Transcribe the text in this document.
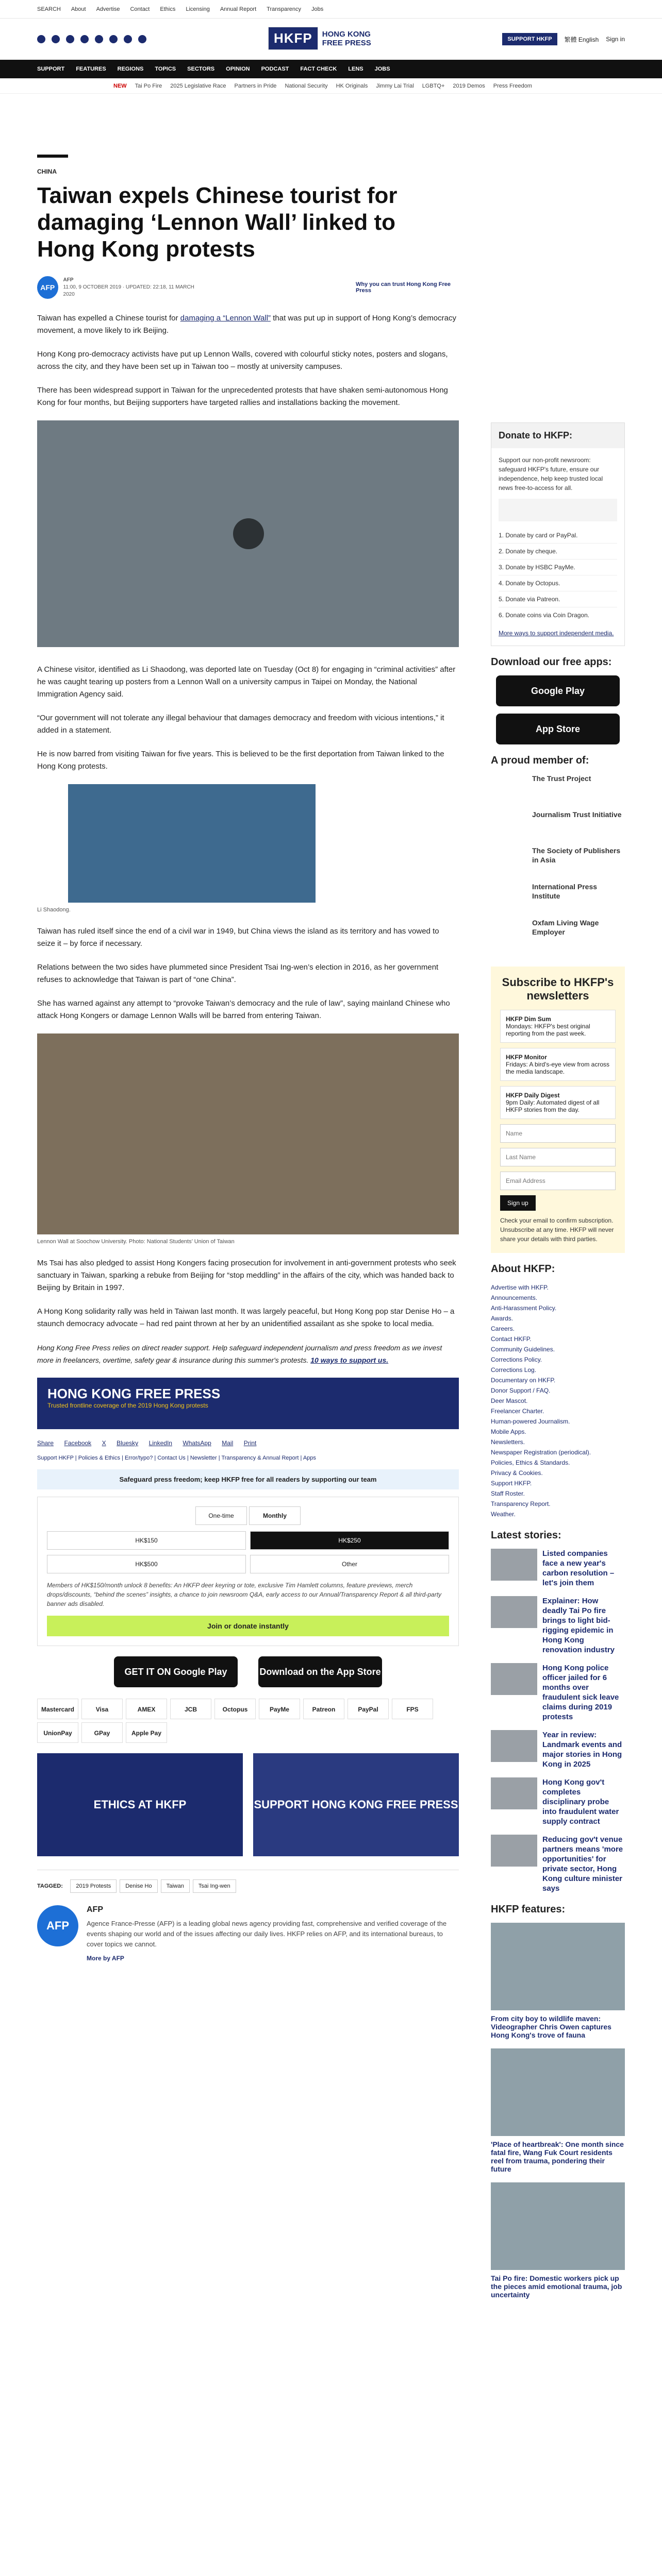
SEARCH About Advertise Contact Ethics Licensing Annual Report Transparency Jobs
HKFP	HONG KONG
FREE PRESS	SUPPORT HKFP	繁體 English Sign in
SUPPORT FEATURES REGIONS TOPICS SECTORS OPINION PODCAST FACT CHECK LENS JOBS
NEW Tai Po Fire 2025 Legislative Race Partners in Pride National Security HK Originals Jimmy Lai Trial LGBTQ+ 2019 Demos Press Freedom
CHINA
Taiwan expels Chinese tourist for damaging ‘Lennon Wall’ linked to Hong Kong protests
AFP
AFP
11:00, 9 OCTOBER 2019 · UPDATED: 22:18, 11 MARCH 2020
Why you can trust Hong Kong Free Press

Taiwan has expelled a Chinese tourist for damaging a “Lennon Wall” that was put up in support of Hong Kong’s democracy movement, a move likely to irk Beijing.

Hong Kong pro-democracy activists have put up Lennon Walls, covered with colourful sticky notes, posters and slogans, across the city, and they have been set up in Taiwan too – mostly at university campuses.

There has been widespread support in Taiwan for the unprecedented protests that have shaken semi-autonomous Hong Kong for four months, but Beijing supporters have targeted rallies and installations backing the movement.

A Chinese visitor, identified as Li Shaodong, was deported late on Tuesday (Oct 8) for engaging in “criminal activities” after he was caught tearing up posters from a Lennon Wall on a university campus in Taipei on Monday, the National Immigration Agency said.

“Our government will not tolerate any illegal behaviour that damages democracy and freedom with vicious intentions,” it added in a statement.

He is now barred from visiting Taiwan for five years. This is believed to be the first deportation from Taiwan linked to the Hong Kong protests.

Li Shaodong.

Taiwan has ruled itself since the end of a civil war in 1949, but China views the island as its territory and has vowed to seize it – by force if necessary.

Relations between the two sides have plummeted since President Tsai Ing-wen’s election in 2016, as her government refuses to acknowledge that Taiwan is part of “one China”.

She has warned against any attempt to “provoke Taiwan’s democracy and the rule of law”, saying mainland Chinese who attack Hong Kongers or damage Lennon Walls will be barred from entering Taiwan.

Lennon Wall at Soochow University. Photo: National Students’ Union of Taiwan

Ms Tsai has also pledged to assist Hong Kongers facing prosecution for involvement in anti-government protests who seek sanctuary in Taiwan, sparking a rebuke from Beijing for “stop meddling” in the affairs of the city, which was handed back to Beijing by Britain in 1997.

A Hong Kong solidarity rally was held in Taiwan last month. It was largely peaceful, but Hong Kong pop star Denise Ho – a staunch democracy advocate – had red paint thrown at her by an unidentified assailant as she spoke to local media.

Hong Kong Free Press relies on direct reader support. Help safeguard independent journalism and press freedom as we invest more in freelancers, overtime, safety gear & insurance during this summer's protests. 10 ways to support us.

HONG KONG FREE PRESS
Trusted frontline coverage of the 2019 Hong Kong protests
Share Facebook X Bluesky LinkedIn WhatsApp Mail Print
Support HKFP | Policies & Ethics | Error/typo? | Contact Us | Newsletter | Transparency & Annual Report | Apps
Safeguard press freedom; keep HKFP free for all readers by supporting our team
One-time	Monthly
HK$150	HK$250
HK$500	Other
Members of HK$150/month unlock 8 benefits: An HKFP deer keyring or tote, exclusive Tim Hamlett columns, feature previews, merch drops/discounts, “behind the scenes” insights, a chance to join newsroom Q&A, early access to our Annual/Transparency Report & all third-party banner ads disabled.
Join or donate instantly
GET IT ON Google Play	Download on the App Store
Mastercard	Visa	AMEX	JCB	Octopus	PayMe	Patreon	PayPal	FPSUnionPay	GPay	Apple Pay
ETHICS AT HKFP	SUPPORT HONG KONG FREE PRESS
TAGGED: 2019 Protests	Denise Ho	Taiwan	Tsai Ing-wen
AFP
AFP
Agence France-Presse (AFP) is a leading global news agency providing fast, comprehensive and verified coverage of the events shaping our world and of the issues affecting our daily lives. HKFP relies on AFP, and its international bureaus, to cover topics we cannot.
More by AFP
Donate to HKFP:
Support our non-profit newsroom: safeguard HKFP's future, ensure our independence, help keep trusted local news free-to-access for all.
1. Donate by card or PayPal.
2. Donate by cheque.
3. Donate by HSBC PayMe.
4. Donate by Octopus.
5. Donate via Patreon.
6. Donate coins via Coin Dragon.
More ways to support independent media.
Download our free apps:
Google Play
App Store
A proud member of:
The Trust Project
Journalism Trust Initiative
The Society of Publishers in Asia
International Press Institute
Oxfam Living Wage Employer
Subscribe to HKFP's newsletters
HKFP Dim Sum
Mondays: HKFP's best original reporting from the past week.
HKFP Monitor
Fridays: A bird's-eye view from across the media landscape.
HKFP Daily Digest
9pm Daily: Automated digest of all HKFP stories from the day.
Name
Last Name
Email Address
Sign up
Check your email to confirm subscription. Unsubscribe at any time. HKFP will never share your details with third parties.
About HKFP:
Advertise with HKFP.
Announcements.
Anti-Harassment Policy.
Awards.
Careers.
Contact HKFP.
Community Guidelines.
Corrections Policy.
Corrections Log.
Documentary on HKFP.
Donor Support / FAQ.
Deer Mascot.
Freelancer Charter.
Human-powered Journalism.
Mobile Apps.
Newsletters.
Newspaper Registration (periodical).
Policies, Ethics & Standards.
Privacy & Cookies.
Support HKFP.
Staff Roster.
Transparency Report.
Weather.
Latest stories:
Listed companies face a new year's carbon resolution – let's join them
Explainer: How deadly Tai Po fire brings to light bid-rigging epidemic in Hong Kong renovation industry
Hong Kong police officer jailed for 6 months over fraudulent sick leave claims during 2019 protests
Year in review: Landmark events and major stories in Hong Kong in 2025
Hong Kong gov't completes disciplinary probe into fraudulent water supply contract
Reducing gov't venue partners means 'more opportunities' for private sector, Hong Kong culture minister says
HKFP features:
From city boy to wildlife maven: Videographer Chris Owen captures Hong Kong's trove of fauna
'Place of heartbreak': One month since fatal fire, Wang Fuk Court residents reel from trauma, pondering their future
Tai Po fire: Domestic workers pick up the pieces amid emotional trauma, job uncertainty
